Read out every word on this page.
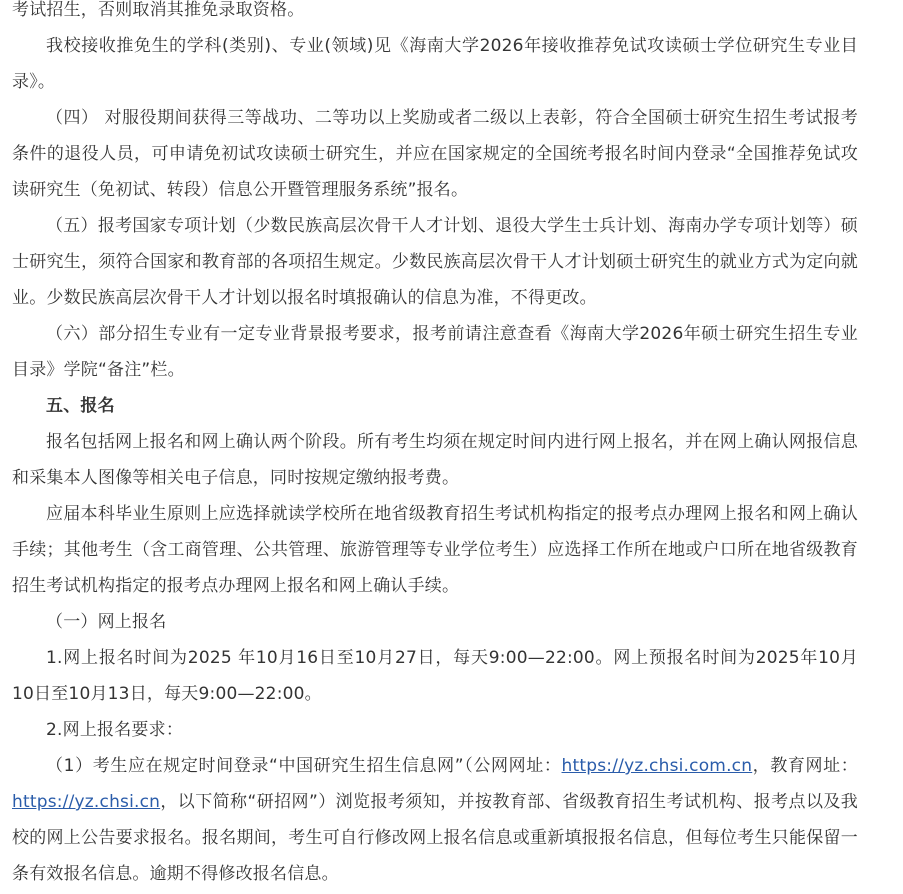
考试招生，否则取消其推免录取资格。

我校接收推免生的学科(类别)、专业(领域)见《海南大学2026年接收推荐免试攻读硕士学位研究生专业目录》。

（四） 对服役期间获得三等战功、二等功以上奖励或者二级以上表彰，符合全国硕士研究生招生考试报考条件的退役人员，可申请免初试攻读硕士研究生，并应在国家规定的全国统考报名时间内登录“全国推荐免试攻读研究生（免初试、转段）信息公开暨管理服务系统”报名。

（五）报考国家专项计划（少数民族高层次骨干人才计划、退役大学生士兵计划、海南办学专项计划等）硕士研究生，须符合国家和教育部的各项招生规定。少数民族高层次骨干人才计划硕士研究生的就业方式为定向就业。少数民族高层次骨干人才计划以报名时填报确认的信息为准，不得更改。

（六）部分招生专业有一定专业背景报考要求，报考前请注意查看《海南大学2026年硕士研究生招生专业目录》学院“备注”栏。

五、报名

报名包括网上报名和网上确认两个阶段。所有考生均须在规定时间内进行网上报名，并在网上确认网报信息和采集本人图像等相关电子信息，同时按规定缴纳报考费。

应届本科毕业生原则上应选择就读学校所在地省级教育招生考试机构指定的报考点办理网上报名和网上确认手续；其他考生（含工商管理、公共管理、旅游管理等专业学位考生）应选择工作所在地或户口所在地省级教育招生考试机构指定的报考点办理网上报名和网上确认手续。

（一）网上报名

1.网上报名时间为2025 年10月16日至10月27日，每天9:00—22:00。网上预报名时间为2025年10月10日至10月13日，每天9:00—22:00。

2.网上报名要求：

（1）考生应在规定时间登录“中国研究生招生信息网”（公网网址：https://yz.chsi.com.cn，教育网址：https://yz.chsi.cn，以下简称“研招网”）浏览报考须知，并按教育部、省级教育招生考试机构、报考点以及我校的网上公告要求报名。报名期间，考生可自行修改网上报名信息或重新填报报名信息，但每位考生只能保留一条有效报名信息。逾期不得修改报名信息。
